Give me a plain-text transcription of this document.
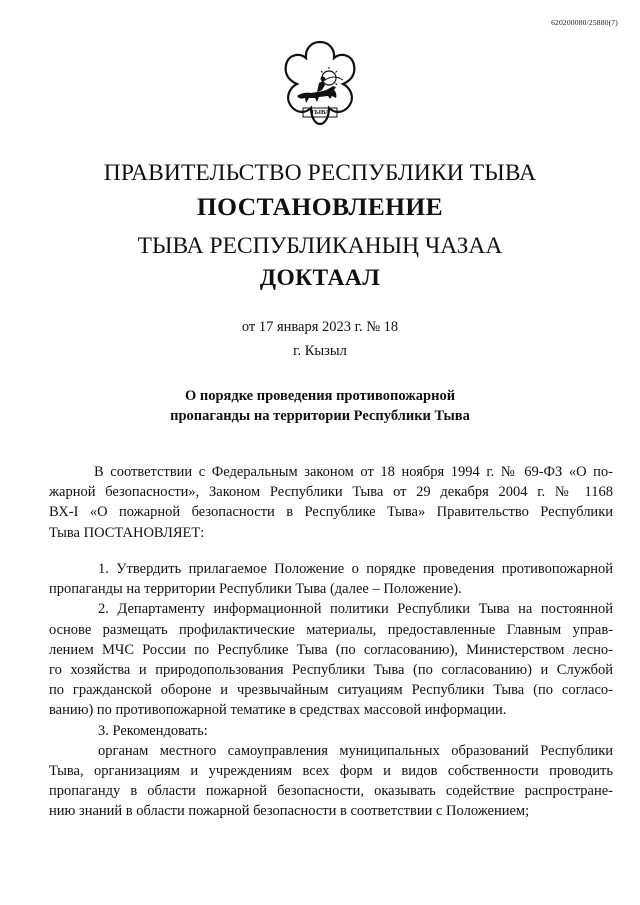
620200080/25880(7)
ТЫВА
ПРАВИТЕЛЬСТВО РЕСПУБЛИКИ ТЫВА
ПОСТАНОВЛЕНИЕ
ТЫВА РЕСПУБЛИКАНЫҢ ЧАЗАА
ДОКТААЛ
от 17 января 2023 г. № 18
г. Кызыл
О порядке проведения противопожарной
пропаганды на территории Республики Тыва
В соответствии с Федеральным законом от 18 ноября 1994 г. № 69-ФЗ «О по-
жарной безопасности», Законом Республики Тыва от 29 декабря 2004 г. № 1168
ВХ-I «О пожарной безопасности в Республике Тыва» Правительство Республики
Тыва ПОСТАНОВЛЯЕТ:
1. Утвердить прилагаемое Положение о порядке проведения противопожарной
пропаганды на территории Республики Тыва (далее – Положение).
2. Департаменту информационной политики Республики Тыва на постоянной
основе размещать профилактические материалы, предоставленные Главным управ-
лением МЧС России по Республике Тыва (по согласованию), Министерством лесно-
го хозяйства и природопользования Республики Тыва (по согласованию) и Службой
по гражданской обороне и чрезвычайным ситуациям Республики Тыва (по согласо-
ванию) по противопожарной тематике в средствах массовой информации.
3. Рекомендовать:
органам местного самоуправления муниципальных образований Республики
Тыва, организациям и учреждениям всех форм и видов собственности проводить
пропаганду в области пожарной безопасности, оказывать содействие распростране-
нию знаний в области пожарной безопасности в соответствии с Положением;
